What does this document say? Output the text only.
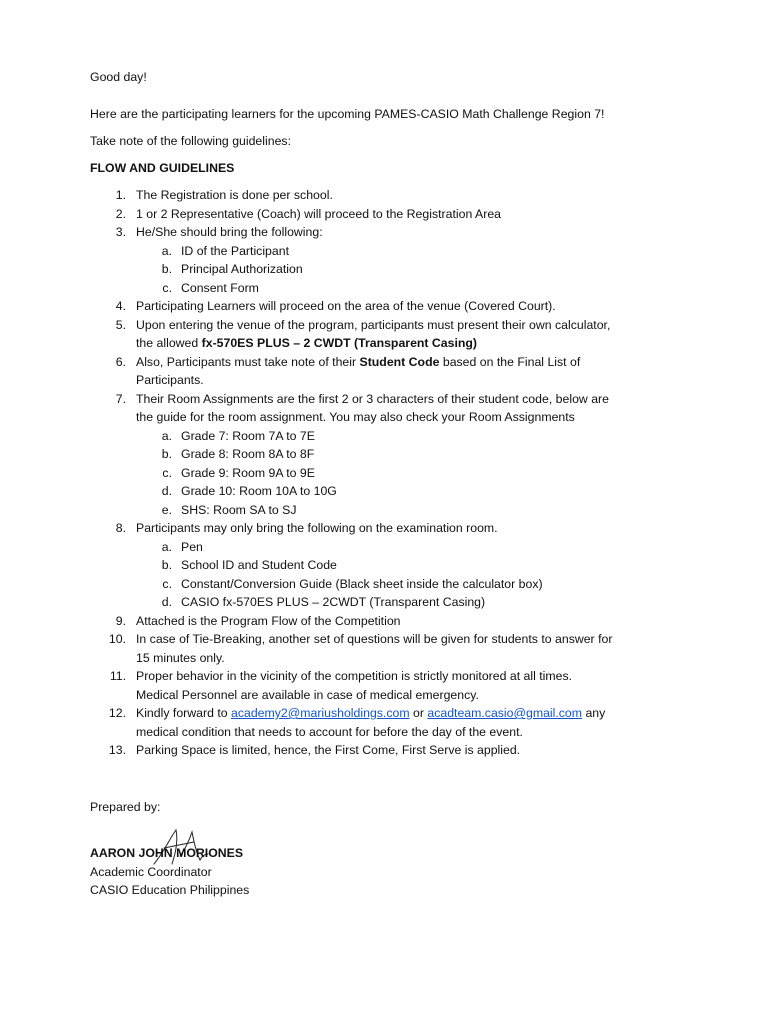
Good day!

Here are the participating learners for the upcoming PAMES-CASIO Math Challenge Region 7!

Take note of the following guidelines:

FLOW AND GUIDELINES

1. The Registration is done per school.
2. 1 or 2 Representative (Coach) will proceed to the Registration Area
3. He/She should bring the following:
a. ID of the Participant
b. Principal Authorization
c. Consent Form
4. Participating Learners will proceed on the area of the venue (Covered Court).
5. Upon entering the venue of the program, participants must present their own calculator,
the allowed fx-570ES PLUS – 2 CWDT (Transparent Casing)
6. Also, Participants must take note of their Student Code based on the Final List of
Participants.
7. Their Room Assignments are the first 2 or 3 characters of their student code, below are
the guide for the room assignment. You may also check your Room Assignments
a. Grade 7: Room 7A to 7E
b. Grade 8: Room 8A to 8F
c. Grade 9: Room 9A to 9E
d. Grade 10: Room 10A to 10G
e. SHS: Room SA to SJ
8. Participants may only bring the following on the examination room.
a. Pen
b. School ID and Student Code
c. Constant/Conversion Guide (Black sheet inside the calculator box)
d. CASIO fx-570ES PLUS – 2CWDT (Transparent Casing)
9. Attached is the Program Flow of the Competition
10. In case of Tie-Breaking, another set of questions will be given for students to answer for
15 minutes only.
11. Proper behavior in the vicinity of the competition is strictly monitored at all times.
Medical Personnel are available in case of medical emergency.
12. Kindly forward to academy2@mariusholdings.com or acadteam.casio@gmail.com any
medical condition that needs to account for before the day of the event.
13. Parking Space is limited, hence, the First Come, First Serve is applied.

Prepared by:

AARON JOHN MORIONES
Academic Coordinator
CASIO Education Philippines
